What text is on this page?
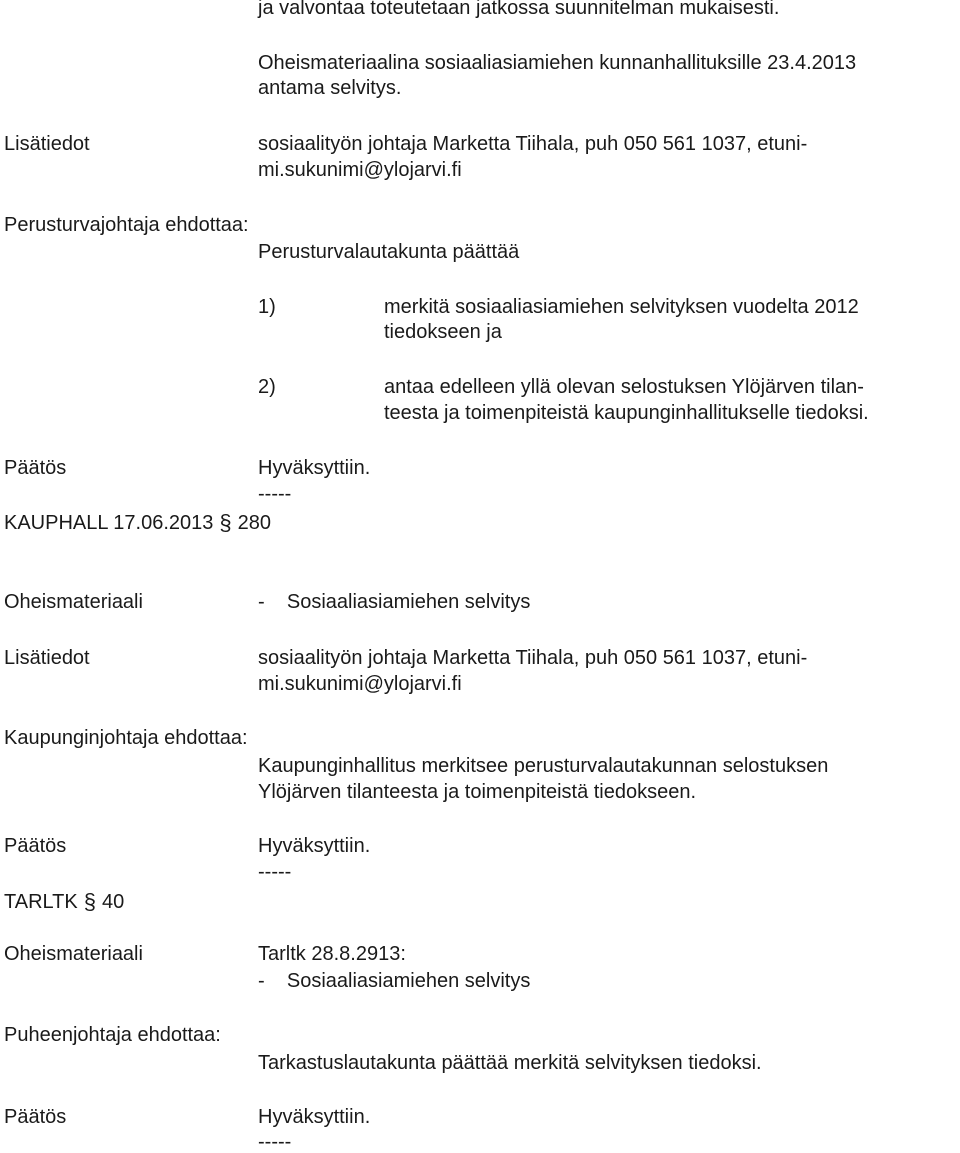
ja valvontaa toteutetaan jatkossa suunnitelman mukaisesti.
Oheismateriaalina sosiaaliasiamiehen kunnanhallituksille 23.4.2013
antama selvitys.
Lisätiedot	sosiaalityön johtaja Marketta Tiihala, puh 050 561 1037, etuni-
mi.sukunimi@ylojarvi.fi
Perusturvajohtaja ehdottaa:
Perusturvalautakunta päättää
1)	merkitä sosiaaliasiamiehen selvityksen vuodelta 2012
tiedokseen ja
2)	antaa edelleen yllä olevan selostuksen Ylöjärven tilan-
teesta ja toimenpiteistä kaupunginhallitukselle tiedoksi.
Päätös	Hyväksyttiin.
-----
KAUPHALL 17.06.2013 § 280
Oheismateriaali	-    Sosiaaliasiamiehen selvitys
Lisätiedot	sosiaalityön johtaja Marketta Tiihala, puh 050 561 1037, etuni-
mi.sukunimi@ylojarvi.fi
Kaupunginjohtaja ehdottaa:
Kaupunginhallitus merkitsee perusturvalautakunnan selostuksen
Ylöjärven tilanteesta ja toimenpiteistä tiedokseen.
Päätös	Hyväksyttiin.
-----
TARLTK § 40
Oheismateriaali	Tarltk 28.8.2913:
-    Sosiaaliasiamiehen selvitys
Puheenjohtaja ehdottaa:
Tarkastuslautakunta päättää merkitä selvityksen tiedoksi.
Päätös	Hyväksyttiin.
-----
